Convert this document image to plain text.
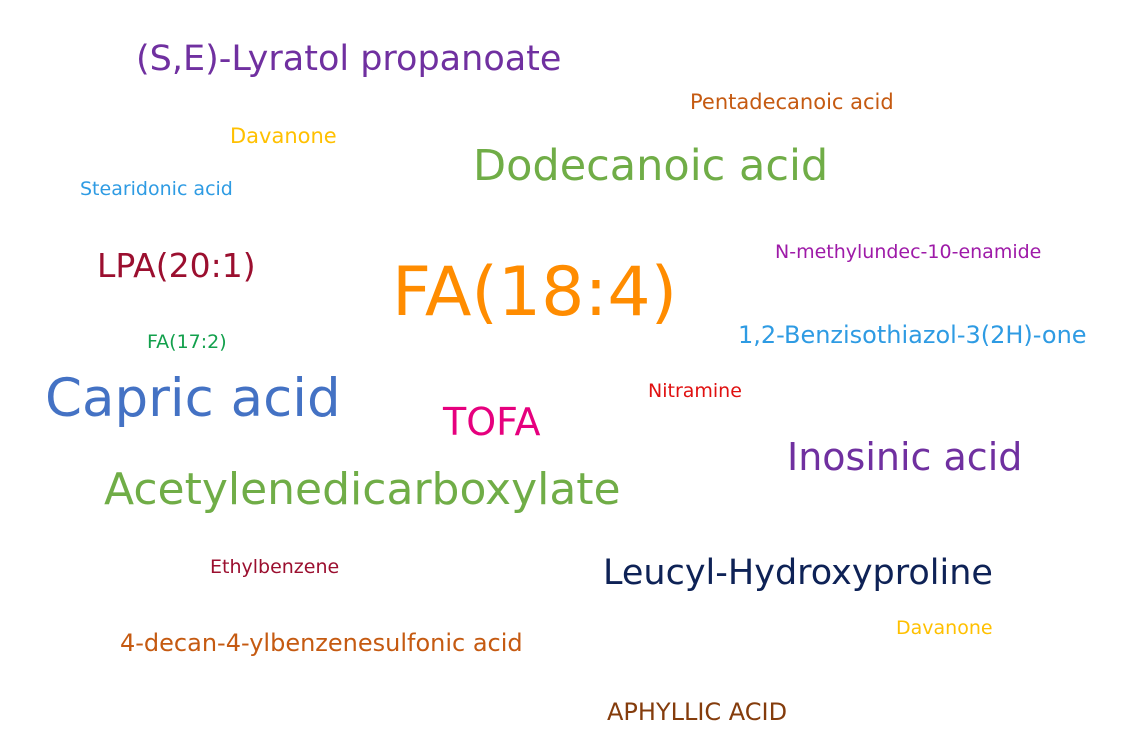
(S,E)-Lyratol propanoate
Pentadecanoic acid
Davanone
Dodecanoic acid
Stearidonic acid
LPA(20:1)	N-methylundec-10-enamide
FA(18:4)
FA(17:2)	1,2-Benzisothiazol-3(2H)-one
Capric acid	Nitramine
TOFA
Inosinic acid
Acetylenedicarboxylate
Ethylbenzene	Leucyl-Hydroxyproline
Davanone
4-decan-4-ylbenzenesulfonic acid
APHYLLIC ACID
